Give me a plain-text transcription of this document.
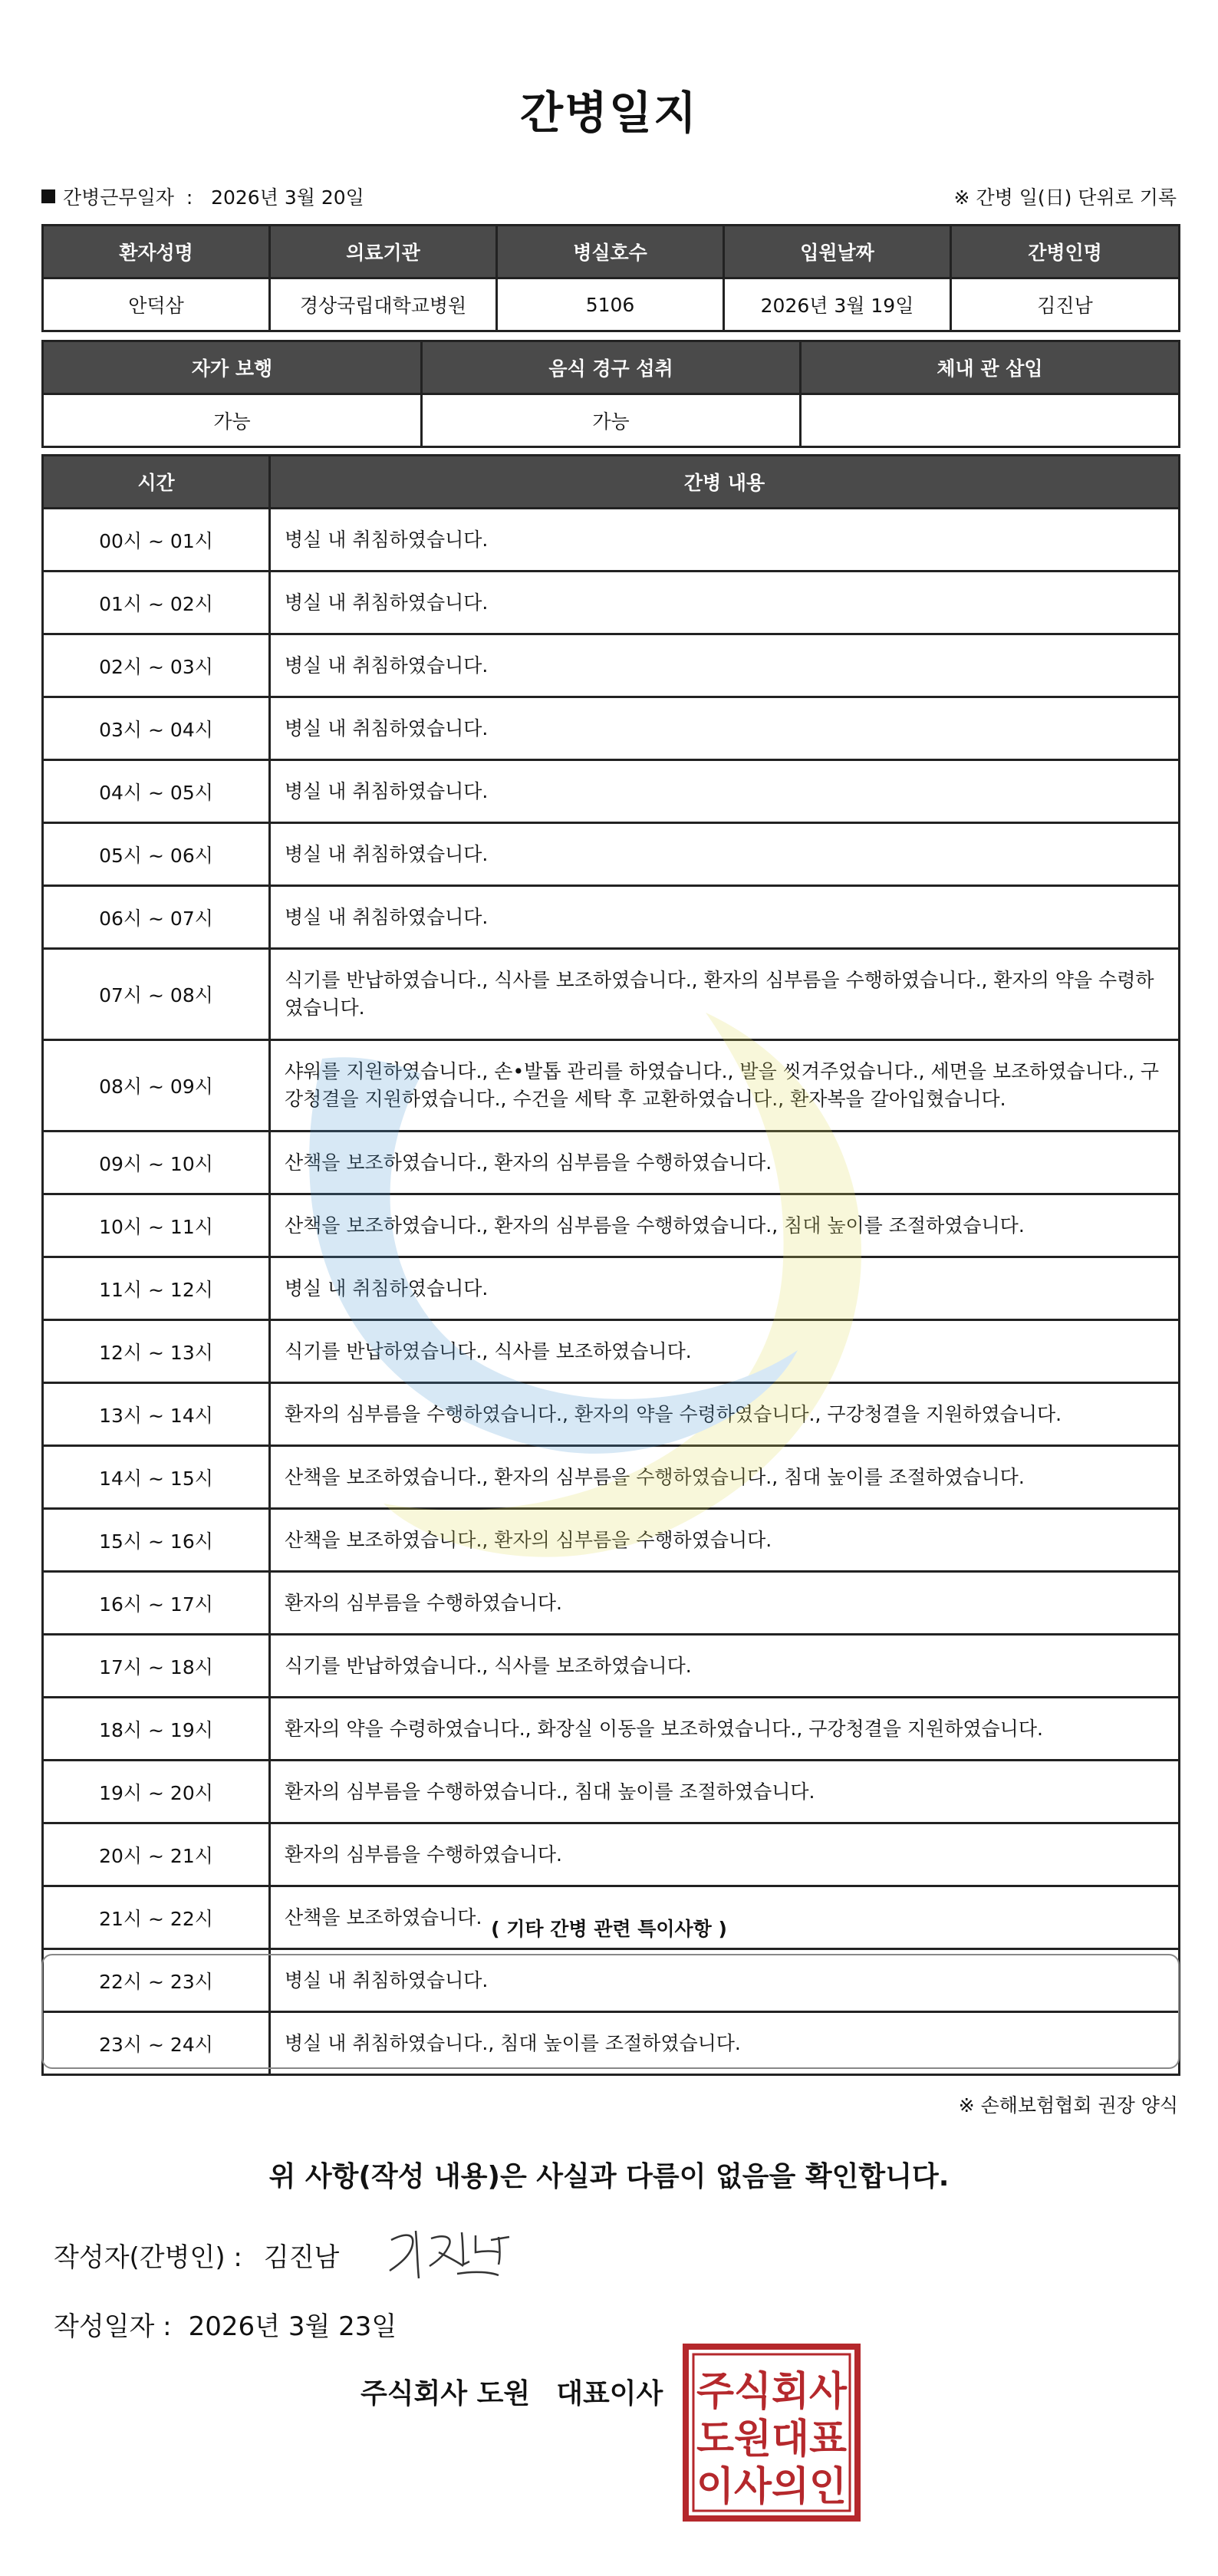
간병일지
간병근무일자 : 2026년 3월 20일	※ 간병 일(日) 단위로 기록
환자성명	의료기관	병실호수	입원날짜	간병인명
안덕삼	경상국립대학교병원	5106	2026년 3월 19일	김진남
자가 보행	음식 경구 섭취	체내 관 삽입
가능	가능	
시간	간병 내용
00시 ~ 01시	병실 내 취침하였습니다.
01시 ~ 02시	병실 내 취침하였습니다.
02시 ~ 03시	병실 내 취침하였습니다.
03시 ~ 04시	병실 내 취침하였습니다.
04시 ~ 05시	병실 내 취침하였습니다.
05시 ~ 06시	병실 내 취침하였습니다.
06시 ~ 07시	병실 내 취침하였습니다.
07시 ~ 08시	식기를 반납하였습니다., 식사를 보조하였습니다., 환자의 심부름을 수행하였습니다., 환자의 약을 수령하였습니다.
08시 ~ 09시	샤워를 지원하였습니다., 손•발톱 관리를 하였습니다., 발을 씻겨주었습니다., 세면을 보조하였습니다., 구강청결을 지원하였습니다., 수건을 세탁 후 교환하였습니다., 환자복을 갈아입혔습니다.
09시 ~ 10시	산책을 보조하였습니다., 환자의 심부름을 수행하였습니다.
10시 ~ 11시	산책을 보조하였습니다., 환자의 심부름을 수행하였습니다., 침대 높이를 조절하였습니다.
11시 ~ 12시	병실 내 취침하였습니다.
12시 ~ 13시	식기를 반납하였습니다., 식사를 보조하였습니다.
13시 ~ 14시	환자의 심부름을 수행하였습니다., 환자의 약을 수령하였습니다., 구강청결을 지원하였습니다.
14시 ~ 15시	산책을 보조하였습니다., 환자의 심부름을 수행하였습니다., 침대 높이를 조절하였습니다.
15시 ~ 16시	산책을 보조하였습니다., 환자의 심부름을 수행하였습니다.
16시 ~ 17시	환자의 심부름을 수행하였습니다.
17시 ~ 18시	식기를 반납하였습니다., 식사를 보조하였습니다.
18시 ~ 19시	환자의 약을 수령하였습니다., 화장실 이동을 보조하였습니다., 구강청결을 지원하였습니다.
19시 ~ 20시	환자의 심부름을 수행하였습니다., 침대 높이를 조절하였습니다.
20시 ~ 21시	환자의 심부름을 수행하였습니다.
21시 ~ 22시	산책을 보조하였습니다.
22시 ~ 23시	병실 내 취침하였습니다.
23시 ~ 24시	병실 내 취침하였습니다., 침대 높이를 조절하였습니다.
( 기타 간병 관련 특이사항 )
※ 손해보험협회 권장 양식
위 사항(작성 내용)은 사실과 다름이 없음을 확인합니다.
작성자(간병인) : 김진남
작성일자 : 2026년 3월 23일
주식회사 도원 대표이사 주식회사
도원대표
이사의인
